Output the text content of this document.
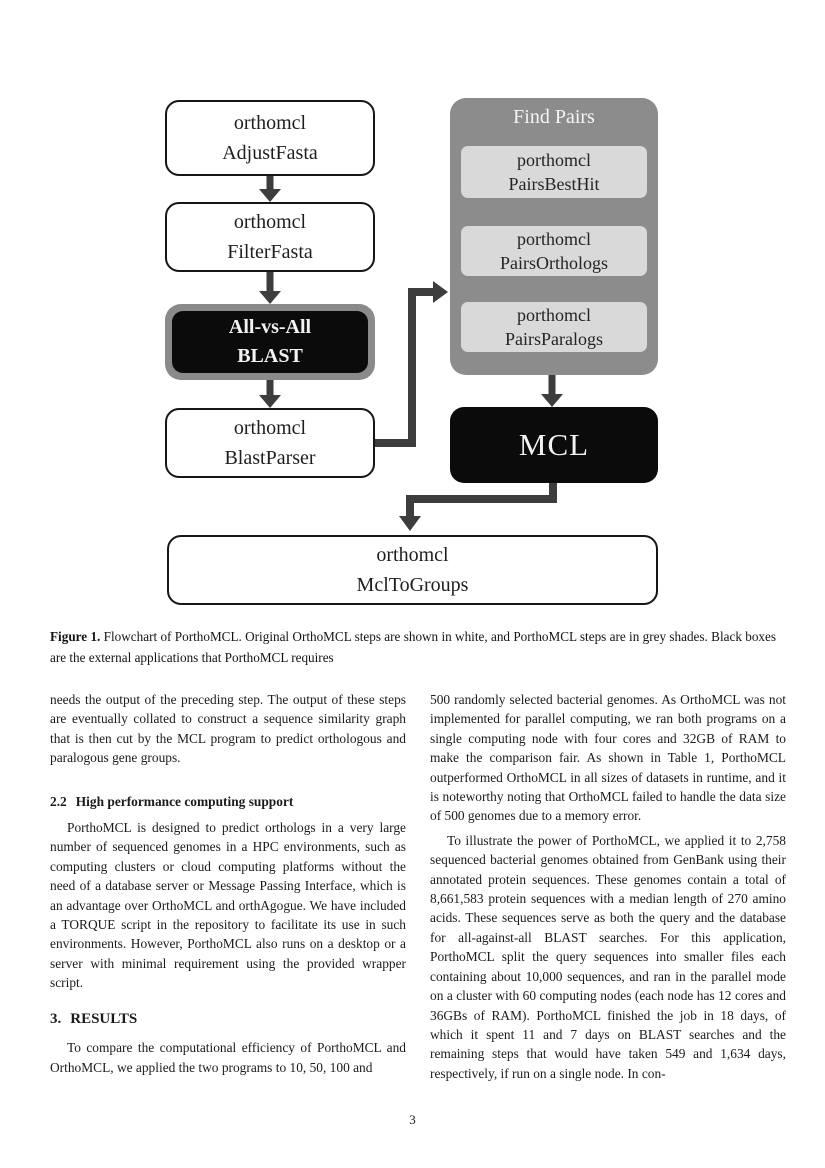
orthomcl
AdjustFasta
orthomcl
FilterFasta
All-vs-All
BLAST
orthomcl
BlastParser
Find Pairs
porthomcl
PairsBestHit
porthomcl
PairsOrthologs
porthomcl
PairsParalogs
MCL
orthomcl
MclToGroups
Figure 1. Flowchart of PorthoMCL. Original OrthoMCL steps are shown in white, and PorthoMCL steps are in grey shades. Black boxes are the external applications that PorthoMCL requires

needs the output of the preceding step. The output of these steps are eventually collated to construct a sequence similarity graph that is then cut by the MCL program to predict orthologous and paralogous gene groups.

2.2 High performance computing support

PorthoMCL is designed to predict orthologs in a very large number of sequenced genomes in a HPC environments, such as computing clusters or cloud computing platforms without the need of a database server or Message Passing Interface, which is an advantage over OrthoMCL and orthAgogue. We have included a TORQUE script in the repository to facilitate its use in such environments. However, PorthoMCL also runs on a desktop or a server with minimal requirement using the provided wrapper script.

3. RESULTS

To compare the computational efficiency of PorthoMCL and OrthoMCL, we applied the two programs to 10, 50, 100 and

500 randomly selected bacterial genomes. As OrthoMCL was not implemented for parallel computing, we ran both programs on a single computing node with four cores and 32GB of RAM to make the comparison fair. As shown in Table 1, PorthoMCL outperformed OrthoMCL in all sizes of datasets in runtime, and it is noteworthy noting that OrthoMCL failed to handle the data size of 500 genomes due to a memory error.

To illustrate the power of PorthoMCL, we applied it to 2,758 sequenced bacterial genomes obtained from GenBank using their annotated protein sequences. These genomes contain a total of 8,661,583 protein sequences with a median length of 270 amino acids. These sequences serve as both the query and the database for all-against-all BLAST searches. For this application, PorthoMCL split the query sequences into smaller files each containing about 10,000 sequences, and ran in the parallel mode on a cluster with 60 computing nodes (each node has 12 cores and 36GBs of RAM). PorthoMCL finished the job in 18 days, of which it spent 11 and 7 days on BLAST searches and the remaining steps that would have taken 549 and 1,634 days, respectively, if run on a single node. In con-

3
